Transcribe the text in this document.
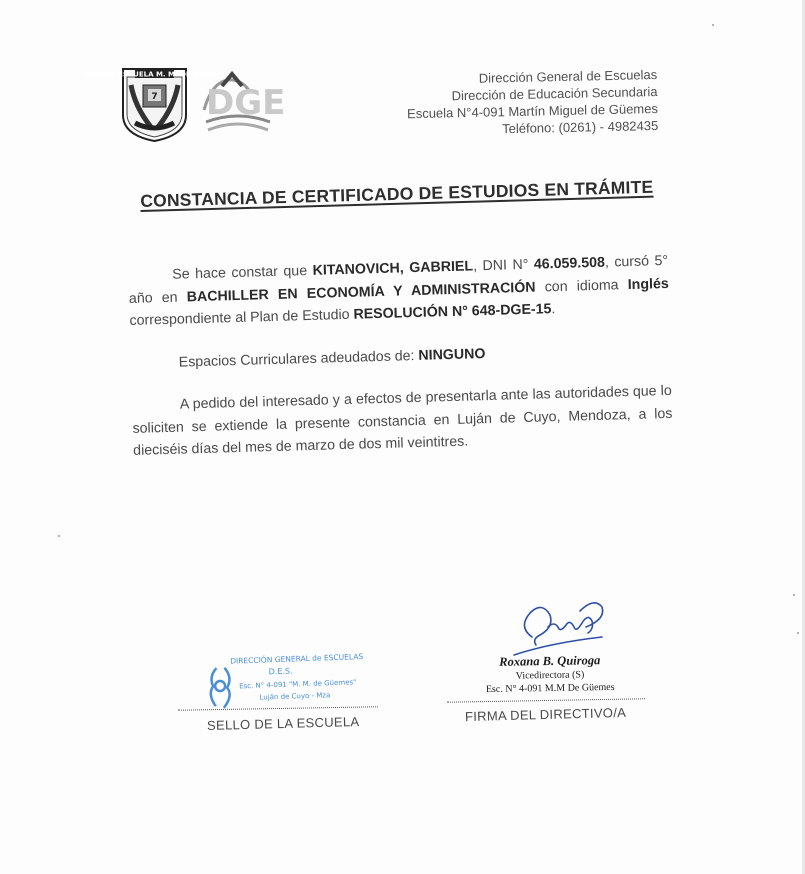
VERITAS ESCUELA M. M. DE GÜEMES
7 DGE
Dirección General de Escuelas
Dirección de Educación Secundaria
Escuela N°4-091 Martín Miguel de Güemes
Teléfono: (0261) - 4982435
CONSTANCIA DE CERTIFICADO DE ESTUDIOS EN TRÁMITE

Se hace constar que KITANOVICH, GABRIEL, DNI N° 46.059.508, cursó 5° año en BACHILLER EN ECONOMÍA Y ADMINISTRACIÓN con idioma Inglés correspondiente al Plan de Estudio RESOLUCIÓN N° 648-DGE-15.

Espacios Curriculares adeudados de: NINGUNO

A pedido del interesado y a efectos de presentarla ante las autoridades que lo soliciten se extiende la presente constancia en Luján de Cuyo, Mendoza, a los dieciséis días del mes de marzo de dos mil veintitres.

DIRECCIÓN GENERAL de ESCUELAS
D.E.S.
Esc. N° 4-091 "M. M. de Güemes"
Luján de Cuyo - Mza
SELLO DE LA ESCUELA
Roxana B. Quiroga
Vicedirectora (S)
Esc. N° 4-091 M.M De Güemes
FIRMA DEL DIRECTIVO/A
